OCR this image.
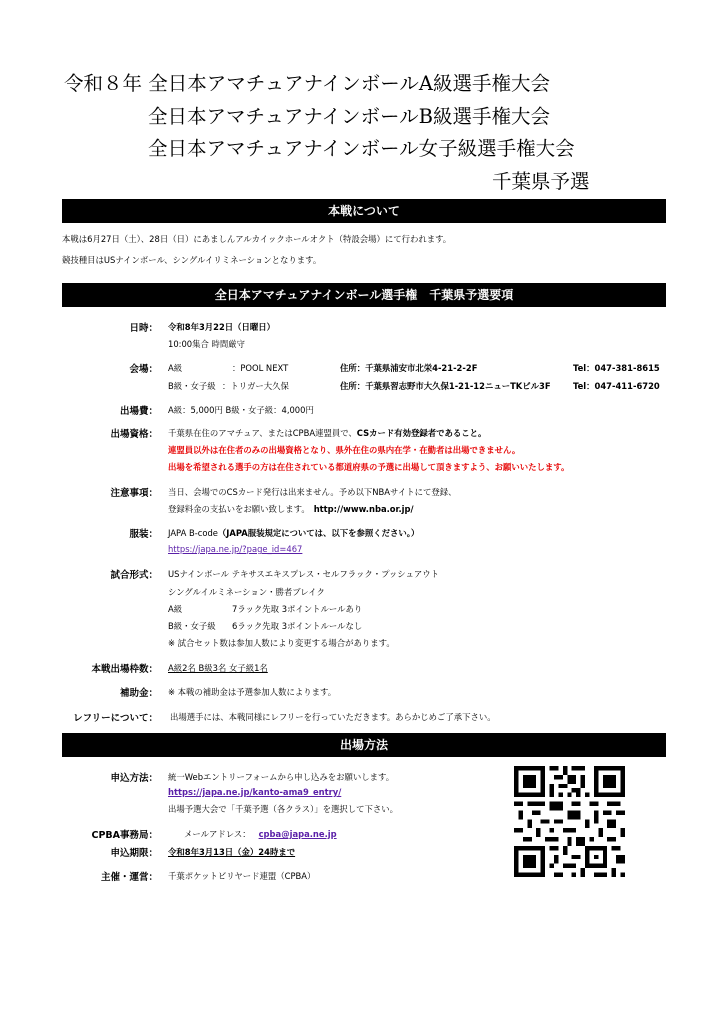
令和８年 全日本アマチュアナインボールA級選手権大会
全日本アマチュアナインボールB級選手権大会
全日本アマチュアナインボール女子級選手権大会
千葉県予選
本戦について
本戦は6月27日（土）、28日（日）にあましんアルカイックホールオクト（特設会場）にて行われます。
競技種目はUSナインボール、シングルイリミネーションとなります。
全日本アマチュアナインボール選手権　千葉県予選要項
日時： 令和8年3月22日（日曜日）
10:00集合 時間厳守
会場： A級	：POOL NEXT	住所：千葉県浦安市北栄4-21-2-2F	Tel：047-381-8615
B級・女子級 ：トリガー大久保	住所：千葉県習志野市大久保1-21-12ニューTKビル3F	Tel：047-411-6720
出場費： A級：5,000円 B級・女子級：4,000円
出場資格： 千葉県在住のアマチュア、またはCPBA連盟員で、CSカード有効登録者であること。
連盟員以外は在住者のみの出場資格となり、県外在住の県内在学・在勤者は出場できません。
出場を希望される選手の方は在住されている都道府県の予選に出場して頂きますよう、お願いいたします。
注意事項： 当日、会場でのCSカード発行は出来ません。予め以下NBAサイトにて登録、
登録料金の支払いをお願い致します。 http://www.nba.or.jp/
服装： JAPA B-code（JAPA服装規定については、以下を参照ください。）
https://japa.ne.jp/?page_id=467
試合形式： USナインボール テキサスエキスプレス・セルフラック・プッシュアウト
シングルイルミネーション・勝者ブレイク
A級	7ラック先取 3ポイントルールあり
B級・女子級 6ラック先取 3ポイントルールなし
※ 試合セット数は参加人数により変更する場合があります。
本戦出場枠数： A級2名 B級3名 女子級1名
補助金： ※ 本戦の補助金は予選参加人数によります。
レフリーについて： 出場選手には、本戦同様にレフリーを行っていただきます。あらかじめご了承下さい。
出場方法
申込方法： 統一Webエントリーフォームから申し込みをお願いします。
https://japa.ne.jp/kanto-ama9_entry/
出場予選大会で「千葉予選（各クラス）」を選択して下さい。
CPBA事務局：	メールアドレス： cpba@japa.ne.jp
申込期限： 令和8年3月13日（金）24時まで
主催・運営： 千葉ポケットビリヤード連盟（CPBA）
